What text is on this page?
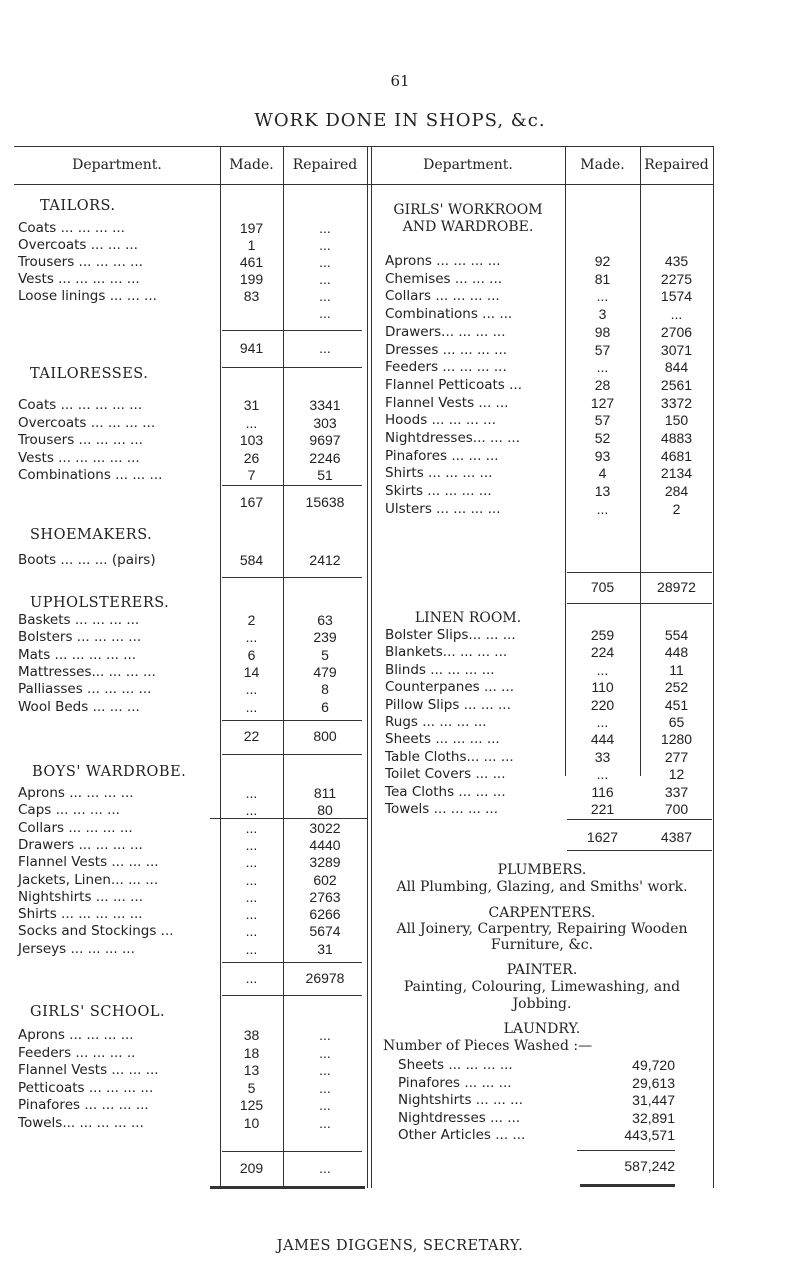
61
WORK DONE IN SHOPS, &c.
Department.	Made.	Repaired	Department.	Made.	Repaired
TAILORS.
Coats ... ... ... ...	197	...
Overcoats ... ... ...	1	...
Trousers ... ... ... ...	461	...
Vests ... ... ... ... ...	199	...
Loose linings ... ... ...	83	...
...
941	...
TAILORESSES.
Coats ... ... ... ... ...	31	3341
Overcoats ... ... ... ...	...	303
Trousers ... ... ... ...	103	9697
Vests ... ... ... ... ...	26	2246
Combinations ... ... ...	7	51
167	15638
SHOEMAKERS.
Boots ... ... ... (pairs)	584	2412
UPHOLSTERERS.
Baskets ... ... ... ...	2	63
Bolsters ... ... ... ...	...	239
Mats ... ... ... ... ...	6	5
Mattresses... ... ... ...	14	479
Palliasses ... ... ... ...	...	8
Wool Beds ... ... ...	...	6
22	800
BOYS' WARDROBE.
Aprons ... ... ... ...	...	811
Caps ... ... ... ...	...	80
Collars ... ... ... ...	...	3022
Drawers ... ... ... ...	...	4440
Flannel Vests ... ... ...	...	3289
Jackets, Linen... ... ...	...	602
Nightshirts ... ... ...	...	2763
Shirts ... ... ... ... ...	...	6266
Socks and Stockings ...	...	5674
Jerseys ... ... ... ...	...	31
GIRLS' WORKROOM
AND WARDROBE.
Aprons ... ... ... ...	92	435
Chemises ... ... ...	81	2275
Collars ... ... ... ...	...	1574
Combinations ... ...	3	...
Drawers... ... ... ...	98	2706
Dresses ... ... ... ...	57	3071
Feeders ... ... ... ...	...	844
Flannel Petticoats ...	28	2561
Flannel Vests ... ...	127	3372
Hoods ... ... ... ...	57	150
Nightdresses... ... ...	52	4883
Pinafores ... ... ...	93	4681
Shirts ... ... ... ...	4	2134
Skirts ... ... ... ...	13	284
Ulsters ... ... ... ...	...	2
...	26978
GIRLS' SCHOOL.
Aprons ... ... ... ...	38	...
Feeders ... ... ... ..	18	...
Flannel Vests ... ... ...	13	...
Petticoats ... ... ... ...	5	...
Pinafores ... ... ... ...	125	...
Towels... ... ... ... ...	10	...
209	...
705	28972
LINEN ROOM.
Bolster Slips... ... ...	259	554
Blankets... ... ... ...	224	448
Blinds ... ... ... ...	...	11
Counterpanes ... ...	110	252
Pillow Slips ... ... ...	220	451
Rugs ... ... ... ...	...	65
Sheets ... ... ... ...	444	1280
Table Cloths... ... ...	33	277
Toilet Covers ... ...	...	12
Tea Cloths ... ... ...	116	337
Towels ... ... ... ...	221	700
1627	4387
PLUMBERS.
All Plumbing, Glazing, and Smiths' work.
CARPENTERS.
All Joinery, Carpentry, Repairing Wooden
Furniture, &c.
PAINTER.
Painting, Colouring, Limewashing, and
Jobbing.
LAUNDRY.
Number of Pieces Washed :—
Sheets ... ... ... ...	49,720
Pinafores ... ... ...	29,613
Nightshirts ... ... ...	31,447
Nightdresses ... ...	32,891
Other Articles ... ...	443,571
587,242
JAMES DIGGENS, SECRETARY.
